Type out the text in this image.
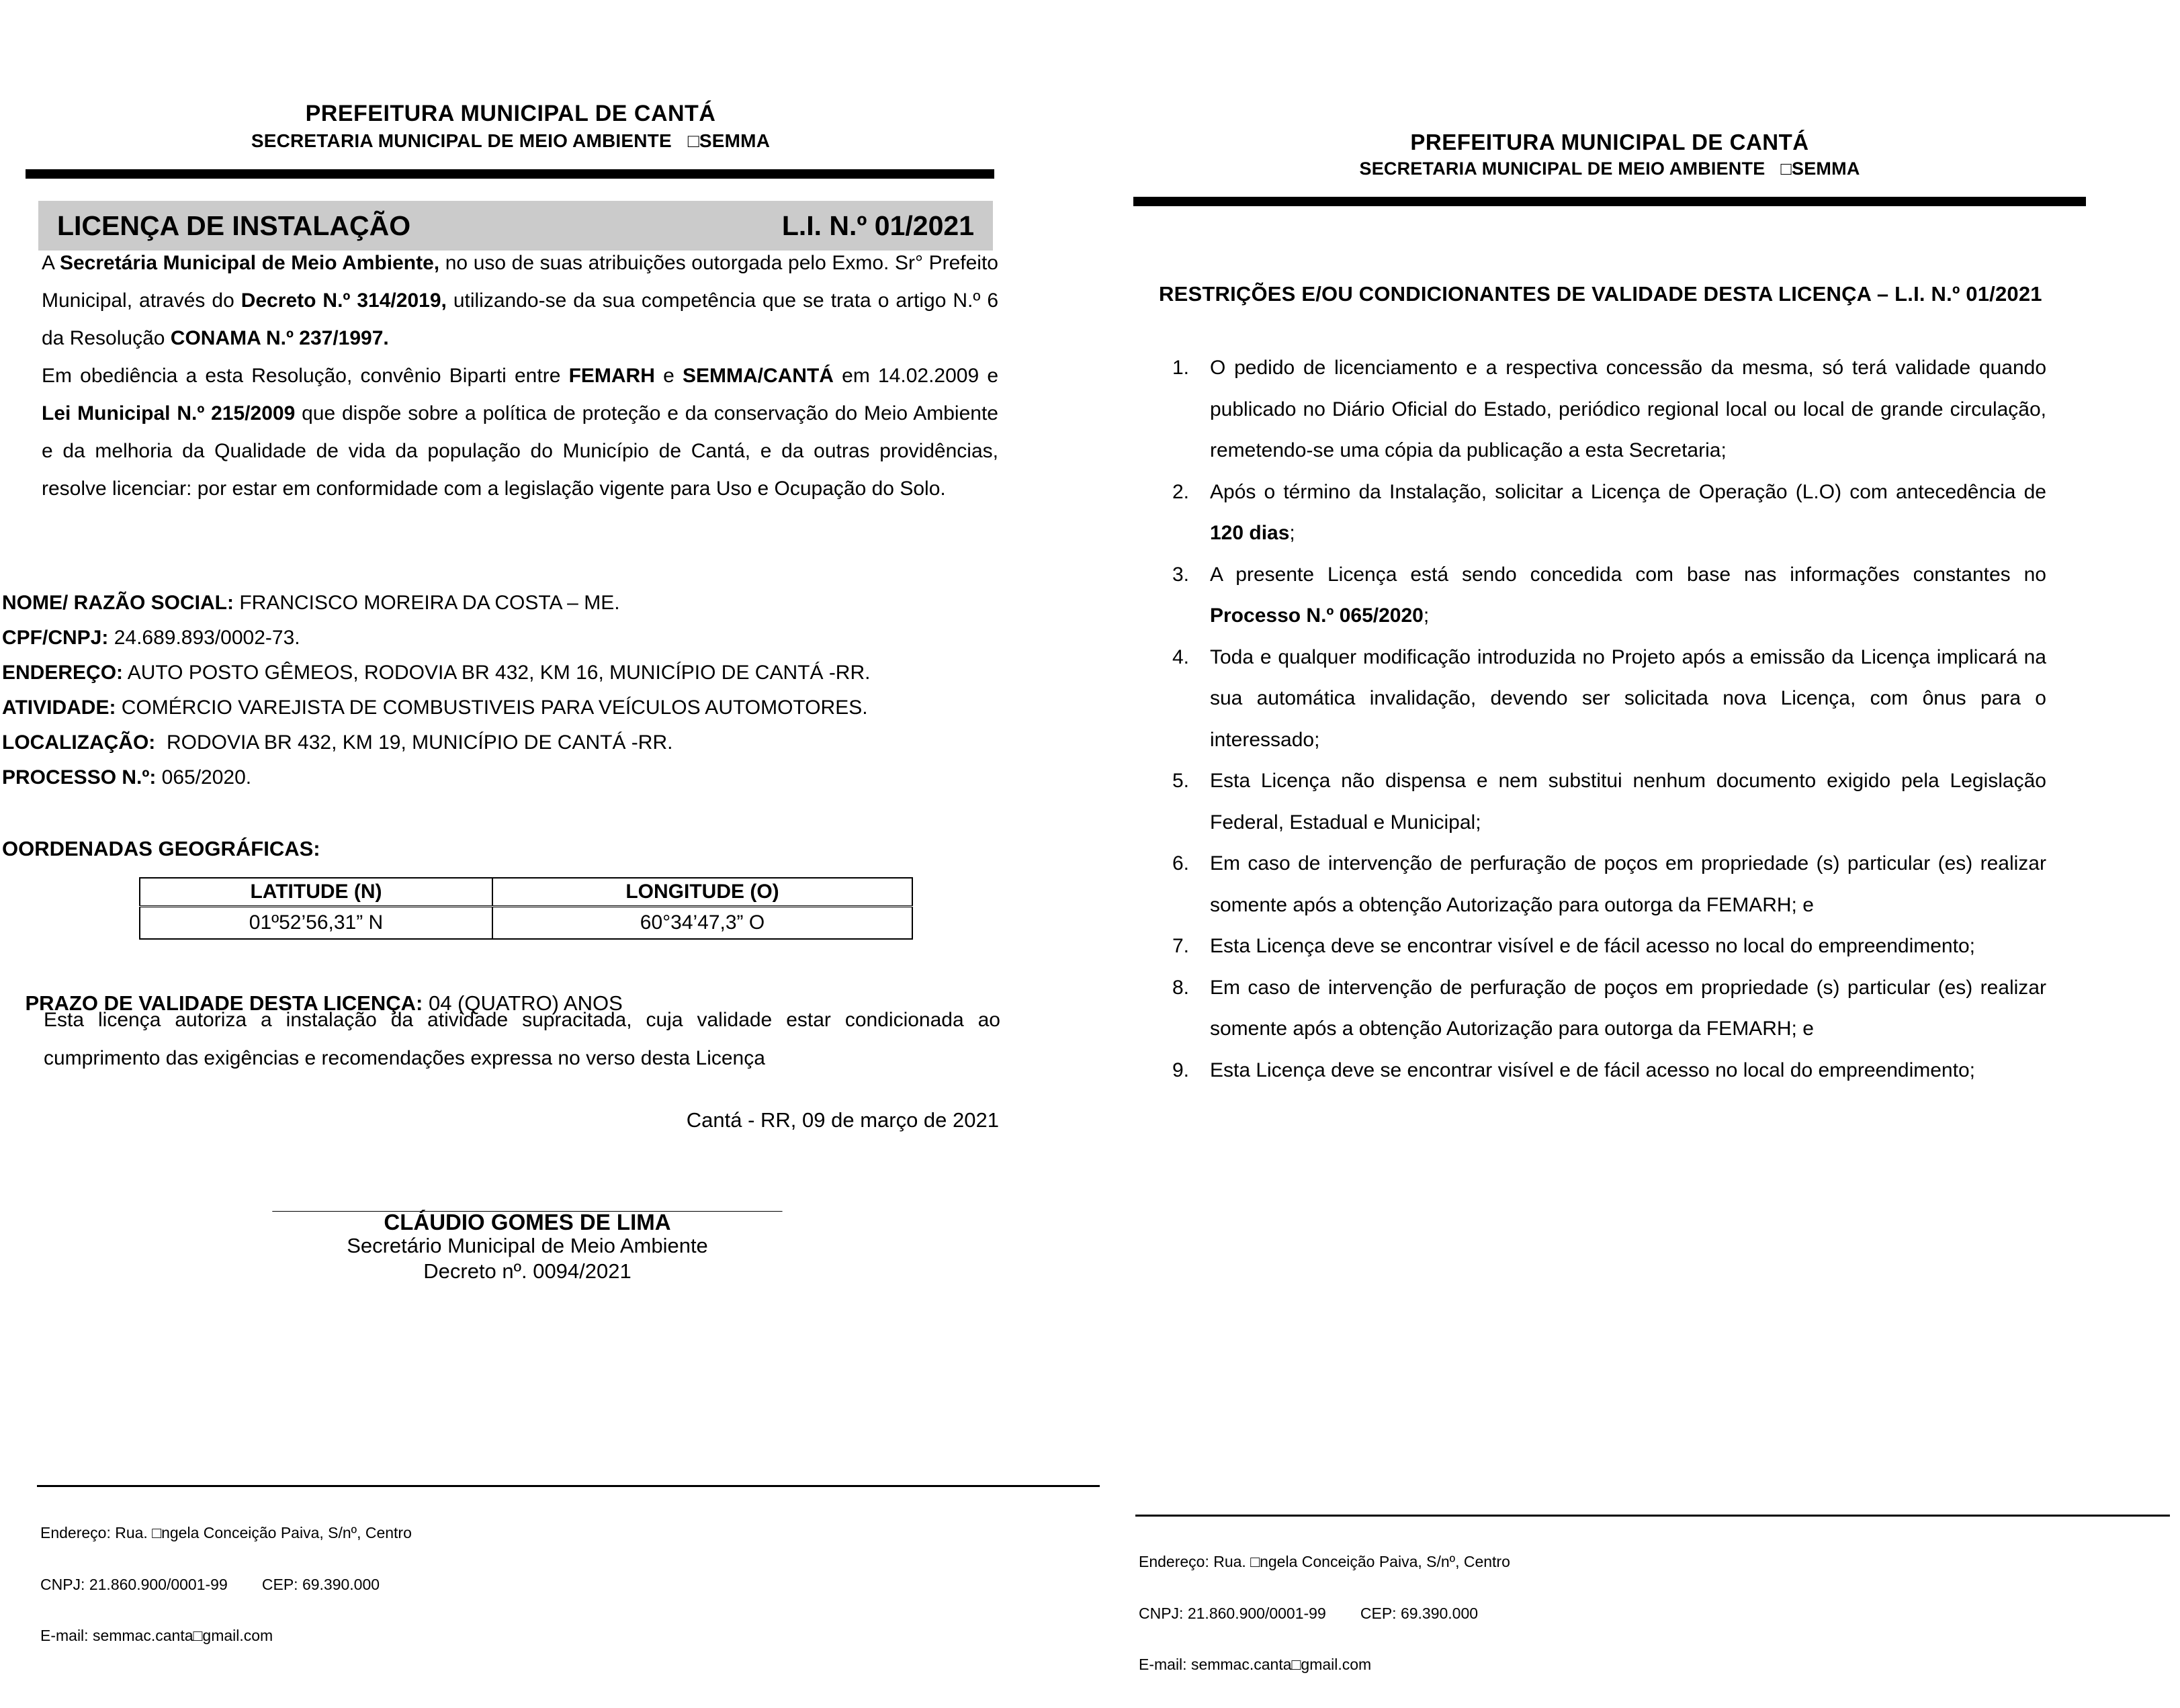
PREFEITURA MUNICIPAL DE CANTÁ
SECRETARIA MUNICIPAL DE MEIO AMBIENTE   □SEMMA
LICENÇA DE INSTALAÇÃO	L.I. N.º 01/2021

A Secretária Municipal de Meio Ambiente, no uso de suas atribuições outorgada pelo Exmo. Sr° Prefeito Municipal, através do Decreto N.º 314/2019, utilizando-se da sua competência que se trata o artigo N.º 6 da Resolução CONAMA N.º 237/1997.

Em obediência a esta Resolução, convênio Biparti entre FEMARH e SEMMA/CANTÁ em 14.02.2009 e Lei Municipal N.º 215/2009 que dispõe sobre a política de proteção e da conservação do Meio Ambiente e da melhoria da Qualidade de vida da população do Município de Cantá, e da outras providências, resolve licenciar: por estar em conformidade com a legislação vigente para Uso e Ocupação do Solo.

NOME/ RAZÃO SOCIAL: FRANCISCO MOREIRA DA COSTA – ME.
CPF/CNPJ: 24.689.893/0002-73.
ENDEREÇO: AUTO POSTO GÊMEOS, RODOVIA BR 432, KM 16, MUNICÍPIO DE CANTÁ -RR.
ATIVIDADE: COMÉRCIO VAREJISTA DE COMBUSTIVEIS PARA VEÍCULOS AUTOMOTORES.
LOCALIZAÇÃO:  RODOVIA BR 432, KM 19, MUNICÍPIO DE CANTÁ -RR.
PROCESSO N.º: 065/2020.
OORDENADAS GEOGRÁFICAS:
LATITUDE (N)	LONGITUDE (O)
01º52’56,31” N	60°34’47,3” O

PRAZO DE VALIDADE DESTA LICENÇA: 04 (QUATRO) ANOS

Esta licença autoriza a instalação da atividade supracitada, cuja validade estar condicionada ao cumprimento das exigências e recomendações expressa no verso desta Licença
Cantá - RR, 09 de março de 2021
____________________________________________
CLÁUDIO GOMES DE LIMA
Secretário Municipal de Meio Ambiente
Decreto nº. 0094/2021

Endereço: Rua. □ngela Conceição Paiva, S/nº, Centro

CNPJ: 21.860.900/0001-99        CEP: 69.390.000

E-mail: semmac.canta□gmail.com

PREFEITURA MUNICIPAL DE CANTÁ
SECRETARIA MUNICIPAL DE MEIO AMBIENTE   □SEMMA
RESTRIÇÕES E/OU CONDICIONANTES DE VALIDADE DESTA LICENÇA – L.I. N.º 01/2021
1.	O pedido de licenciamento e a respectiva concessão da mesma, só terá validade quando publicado no Diário Oficial do Estado, periódico regional local ou local de grande circulação, remetendo-se uma cópia da publicação a esta Secretaria;
2.	Após o término da Instalação, solicitar a Licença de Operação (L.O) com antecedência de 120 dias;
3.	A presente Licença está sendo concedida com base nas informações constantes no Processo N.º 065/2020;
4.	Toda e qualquer modificação introduzida no Projeto após a emissão da Licença implicará na sua automática invalidação, devendo ser solicitada nova Licença, com ônus para o interessado;
5.	Esta Licença não dispensa e nem substitui nenhum documento exigido pela Legislação Federal, Estadual e Municipal;
6.	Em caso de intervenção de perfuração de poços em propriedade (s) particular (es) realizar somente após a obtenção Autorização para outorga da FEMARH; e
7.	Esta Licença deve se encontrar visível e de fácil acesso no local do empreendimento;
8.	Em caso de intervenção de perfuração de poços em propriedade (s) particular (es) realizar somente após a obtenção Autorização para outorga da FEMARH; e
9.	Esta Licença deve se encontrar visível e de fácil acesso no local do empreendimento;

Endereço: Rua. □ngela Conceição Paiva, S/nº, Centro

CNPJ: 21.860.900/0001-99        CEP: 69.390.000

E-mail: semmac.canta□gmail.com
